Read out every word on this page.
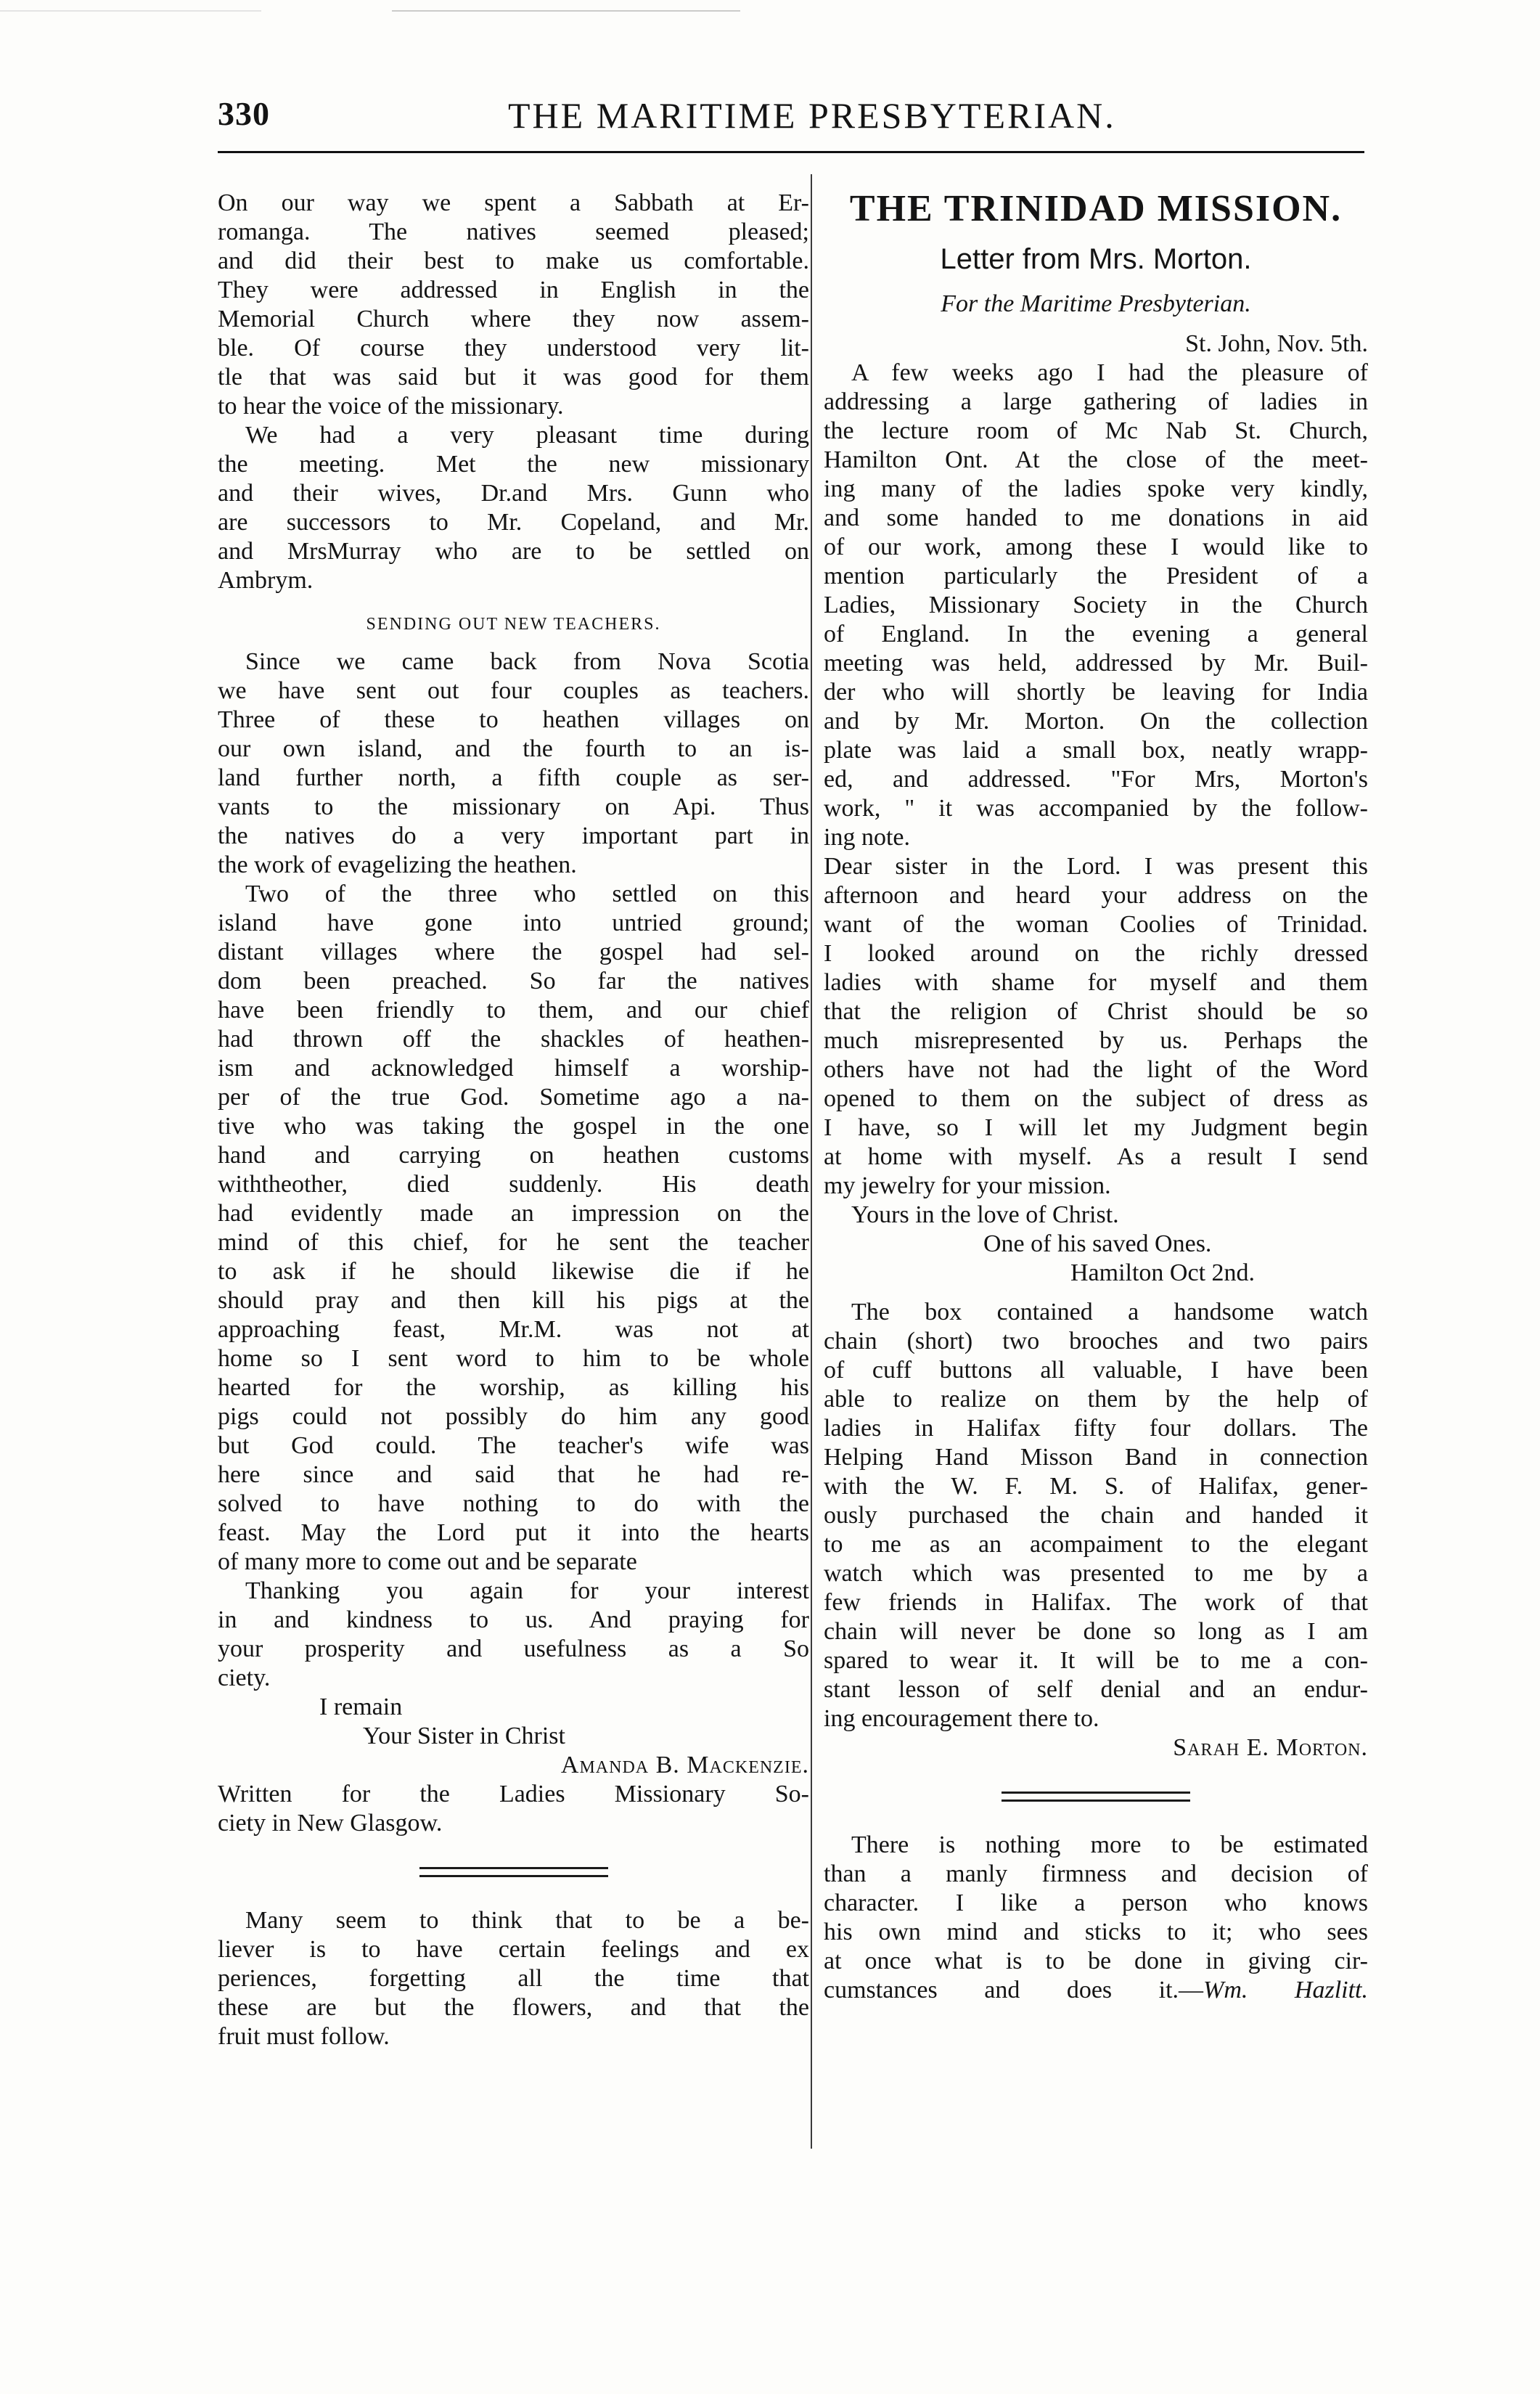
330	THE MARITIME PRESBYTERIAN.
On our way we spent a Sabbath at Er-
romanga. The natives seemed pleased;
and did their best to make us comfortable.
They were addressed in English in the
Memorial Church where they now assem-
ble. Of course they understood very lit-
tle that was said but it was good for them
to hear the voice of the missionary.
We had a very pleasant time during
the meeting. Met the new missionary
and their wives, Dr.and Mrs. Gunn who
are successors to Mr. Copeland, and Mr.
and MrsMurray who are to be settled on
Ambrym.
SENDING OUT NEW TEACHERS.
Since we came back from Nova Scotia
we have sent out four couples as teachers.
Three of these to heathen villages on
our own island, and the fourth to an is-
land further north, a fifth couple as ser-
vants to the missionary on Api. Thus
the natives do a very important part in
the work of evagelizing the heathen.
Two of the three who settled on this
island have gone into untried ground;
distant villages where the gospel had sel-
dom been preached. So far the natives
have been friendly to them, and our chief
had thrown off the shackles of heathen-
ism and acknowledged himself a worship-
per of the true God. Sometime ago a na-
tive who was taking the gospel in the one
hand and carrying on heathen customs
withtheother, died suddenly. His death
had evidently made an impression on the
mind of this chief, for he sent the teacher
to ask if he should likewise die if he
should pray and then kill his pigs at the
approaching feast, Mr.M. was not at
home so I sent word to him to be whole
hearted for the worship, as killing his
pigs could not possibly do him any good
but God could. The teacher's wife was
here since and said that he had re-
solved to have nothing to do with the
feast. May the Lord put it into the hearts
of many more to come out and be separate
Thanking you again for your interest
in and kindness to us. And praying for
your prosperity and usefulness as a So
ciety.
I remain
Your Sister in Christ
Amanda B. Mackenzie.
Written for the Ladies Missionary So-
ciety in New Glasgow.
Many seem to think that to be a be-
liever is to have certain feelings and ex
periences, forgetting all the time that
these are but the flowers, and that the
fruit must follow.
THE TRINIDAD MISSION.
Letter from Mrs. Morton.
For the Maritime Presbyterian.
St. John, Nov. 5th.
A few weeks ago I had the pleasure of
addressing a large gathering of ladies in
the lecture room of Mc Nab St. Church,
Hamilton Ont. At the close of the meet-
ing many of the ladies spoke very kindly,
and some handed to me donations in aid
of our work, among these I would like to
mention particularly the President of a
Ladies, Missionary Society in the Church
of England. In the evening a general
meeting was held, addressed by Mr. Buil-
der who will shortly be leaving for India
and by Mr. Morton. On the collection
plate was laid a small box, neatly wrapp-
ed, and addressed. "For Mrs, Morton's
work, " it was accompanied by the follow-
ing note.
Dear sister in the Lord. I was present this
afternoon and heard your address on the
want of the woman Coolies of Trinidad.
I looked around on the richly dressed
ladies with shame for myself and them
that the religion of Christ should be so
much misrepresented by us. Perhaps the
others have not had the light of the Word
opened to them on the subject of dress as
I have, so I will let my Judgment begin
at home with myself. As a result I send
my jewelry for your mission.
Yours in the love of Christ.
One of his saved Ones.
Hamilton Oct 2nd.
The box contained a handsome watch
chain (short) two brooches and two pairs
of cuff buttons all valuable, I have been
able to realize on them by the help of
ladies in Halifax fifty four dollars. The
Helping Hand Misson Band in connection
with the W. F. M. S. of Halifax, gener-
ously purchased the chain and handed it
to me as an acompaiment to the elegant
watch which was presented to me by a
few friends in Halifax. The work of that
chain will never be done so long as I am
spared to wear it. It will be to me a con-
stant lesson of self denial and an endur-
ing encouragement there to.
Sarah E. Morton.
There is nothing more to be estimated
than a manly firmness and decision of
character. I like a person who knows
his own mind and sticks to it; who sees
at once what is to be done in giving cir-
cumstances and does it.—Wm. Hazlitt.
